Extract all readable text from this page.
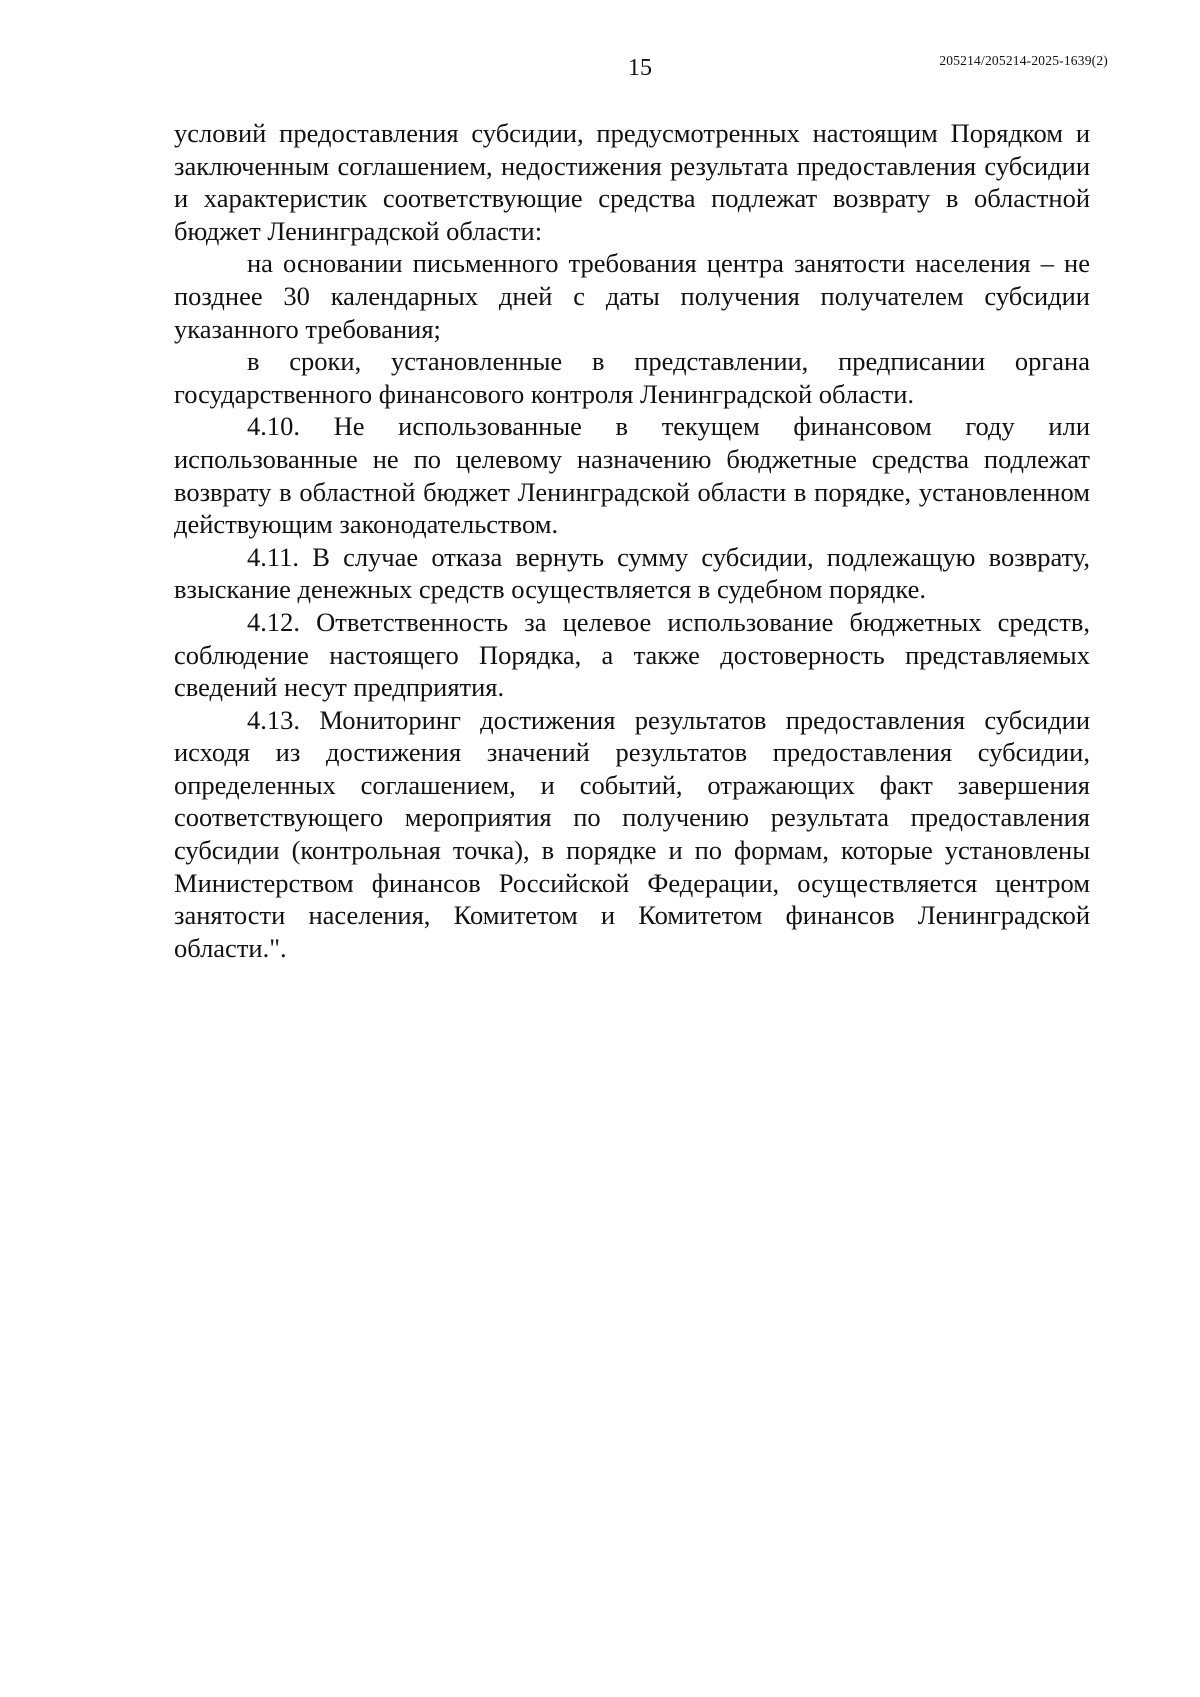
15	205214/205214-2025-1639(2)

условий предоставления субсидии, предусмотренных настоящим Порядком и заключенным соглашением, недостижения результата предоставления субсидии и характеристик соответствующие средства подлежат возврату в областной бюджет Ленинградской области:

на основании письменного требования центра занятости населения – не позднее 30 календарных дней с даты получения получателем субсидии указанного требования;

в сроки, установленные в представлении, предписании органа государственного финансового контроля Ленинградской области.

4.10. Не использованные в текущем финансовом году или использованные не по целевому назначению бюджетные средства подлежат возврату в областной бюджет Ленинградской области в порядке, установленном действующим законодательством.

4.11. В случае отказа вернуть сумму субсидии, подлежащую возврату, взыскание денежных средств осуществляется в судебном порядке.

4.12. Ответственность за целевое использование бюджетных средств, соблюдение настоящего Порядка, а также достоверность представляемых сведений несут предприятия.

4.13. Мониторинг достижения результатов предоставления субсидии исходя из достижения значений результатов предоставления субсидии, определенных соглашением, и событий, отражающих факт завершения соответствующего мероприятия по получению результата предоставления субсидии (контрольная точка), в порядке и по формам, которые установлены Министерством финансов Российской Федерации, осуществляется центром занятости населения, Комитетом и Комитетом финансов Ленинградской области.".
